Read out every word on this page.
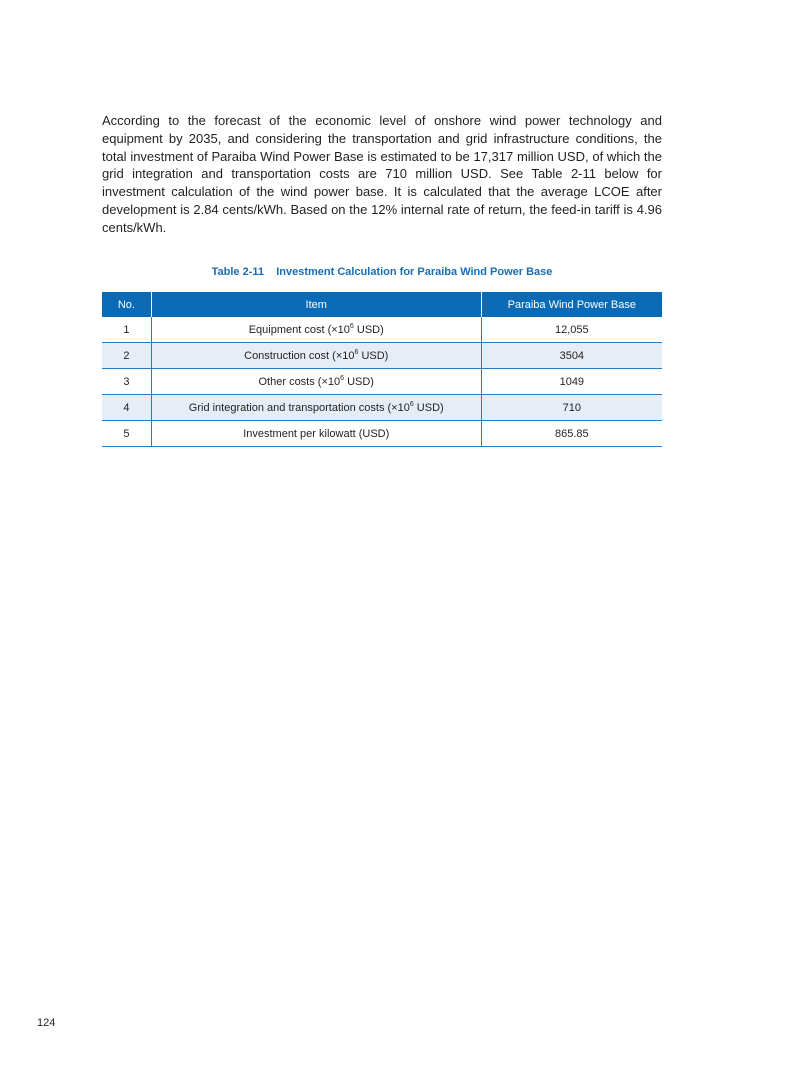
According to the forecast of the economic level of onshore wind power technology and equipment by 2035, and considering the transportation and grid infrastructure conditions, the total investment of Paraiba Wind Power Base is estimated to be 17,317 million USD, of which the grid integration and transportation costs are 710 million USD. See Table 2-11 below for investment calculation of the wind power base. It is calculated that the average LCOE after development is 2.84 cents/kWh. Based on the 12% internal rate of return, the feed-in tariff is 4.96 cents/kWh.

Table 2-11    Investment Calculation for Paraiba Wind Power Base
No.	Item	Paraiba Wind Power Base
1	Equipment cost ($\times 10^6$ USD)	12,055
2	Construction cost ($\times 10^6$ USD)	3504
3	Other costs ($\times 10^6$ USD)	1049
4	Grid integration and transportation costs ($\times 10^6$ USD)	710
5	Investment per kilowatt (USD)	865.85
124
